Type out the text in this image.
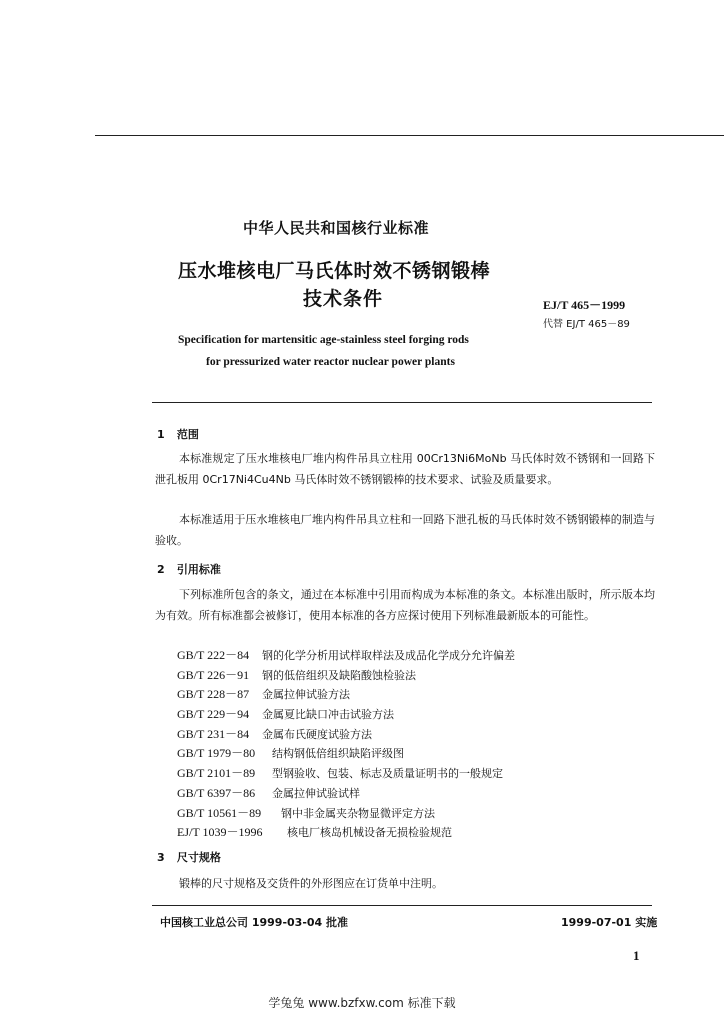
中华人民共和国核行业标准
压水堆核电厂马氏体时效不锈钢锻棒
技术条件	EJ/T 465－1999
代替 EJ/T 465－89
Specification for martensitic age-stainless steel forging rods
for pressurized water reactor nuclear power plants
1 范围
本标准规定了压水堆核电厂堆内构件吊具立柱用 00Cr13Ni6MoNb 马氏体时效不锈钢和一回路下泄孔板用 0Cr17Ni4Cu4Nb 马氏体时效不锈钢锻棒的技术要求、试验及质量要求。
本标准适用于压水堆核电厂堆内构件吊具立柱和一回路下泄孔板的马氏体时效不锈钢锻棒的制造与验收。
2 引用标准
下列标准所包含的条文，通过在本标准中引用而构成为本标准的条文。本标准出版时，所示版本均为有效。所有标准都会被修订，使用本标准的各方应探讨使用下列标准最新版本的可能性。
GB/T 222－84 钢的化学分析用试样取样法及成品化学成分允许偏差
GB/T 226－91 钢的低倍组织及缺陷酸蚀检验法
GB/T 228－87 金属拉伸试验方法
GB/T 229－94 金属夏比缺口冲击试验方法
GB/T 231－84 金属布氏硬度试验方法
GB/T 1979－80 结构钢低倍组织缺陷评级图
GB/T 2101－89 型钢验收、包装、标志及质量证明书的一般规定
GB/T 6397－86 金属拉伸试验试样
GB/T 10561－89 钢中非金属夹杂物显微评定方法
EJ/T 1039－1996 核电厂核岛机械设备无损检验规范
3 尺寸规格
锻棒的尺寸规格及交货件的外形图应在订货单中注明。
中国核工业总公司 1999-03-04 批准	1999-07-01 实施
1
学兔兔 www.bzfxw.com 标准下载
